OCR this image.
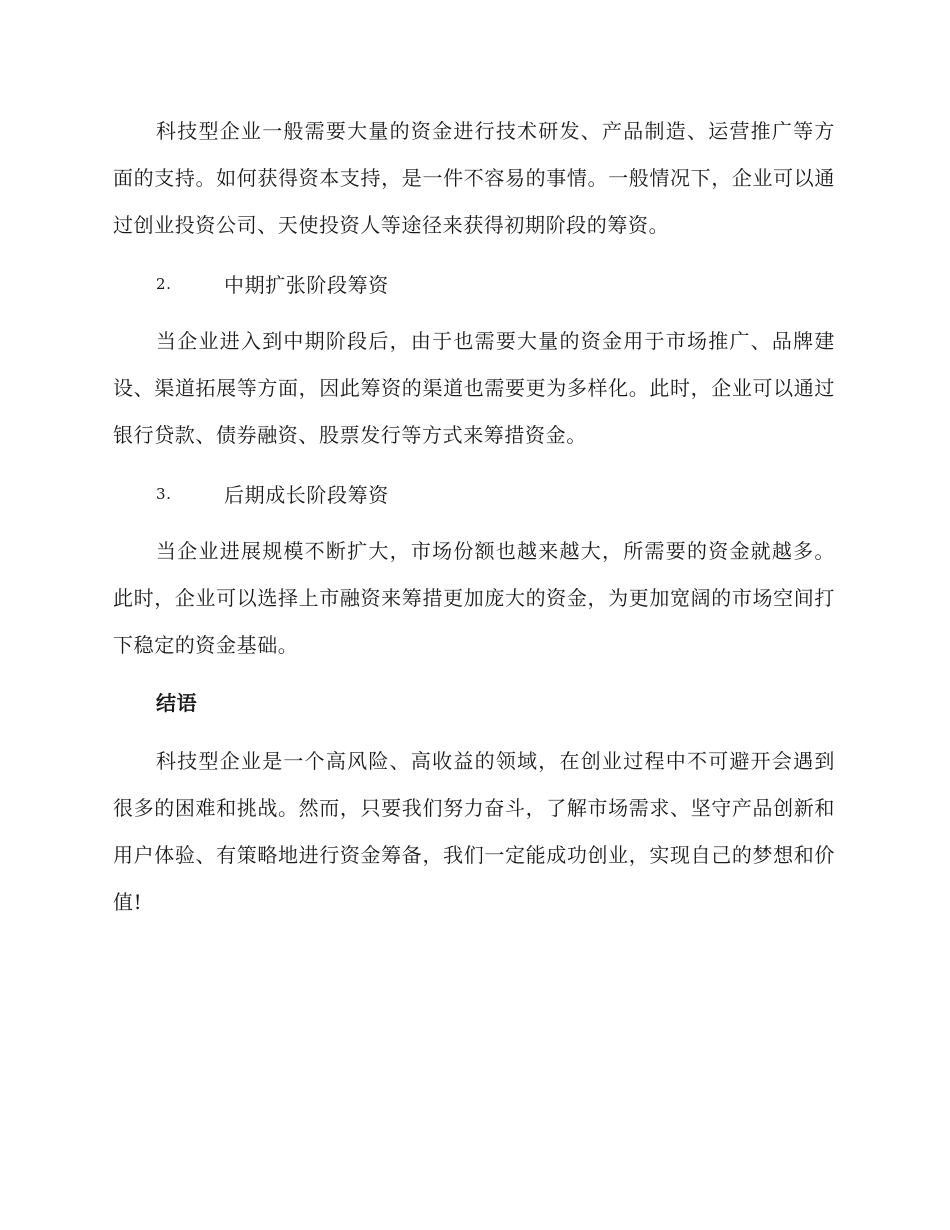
科技型企业一般需要大量的资金进行技术研发、产品制造、运营推广等方面的支持。如何获得资本支持，是一件不容易的事情。一般情况下，企业可以通过创业投资公司、天使投资人等途径来获得初期阶段的筹资。

2.	中期扩张阶段筹资

当企业进入到中期阶段后，由于也需要大量的资金用于市场推广、品牌建设、渠道拓展等方面，因此筹资的渠道也需要更为多样化。此时，企业可以通过银行贷款、债券融资、股票发行等方式来筹措资金。

3.	后期成长阶段筹资

当企业进展规模不断扩大，市场份额也越来越大，所需要的资金就越多。此时，企业可以选择上市融资来筹措更加庞大的资金，为更加宽阔的市场空间打下稳定的资金基础。

结语

科技型企业是一个高风险、高收益的领域，在创业过程中不可避开会遇到很多的困难和挑战。然而，只要我们努力奋斗，了解市场需求、坚守产品创新和用户体验、有策略地进行资金筹备，我们一定能成功创业，实现自己的梦想和价值!
